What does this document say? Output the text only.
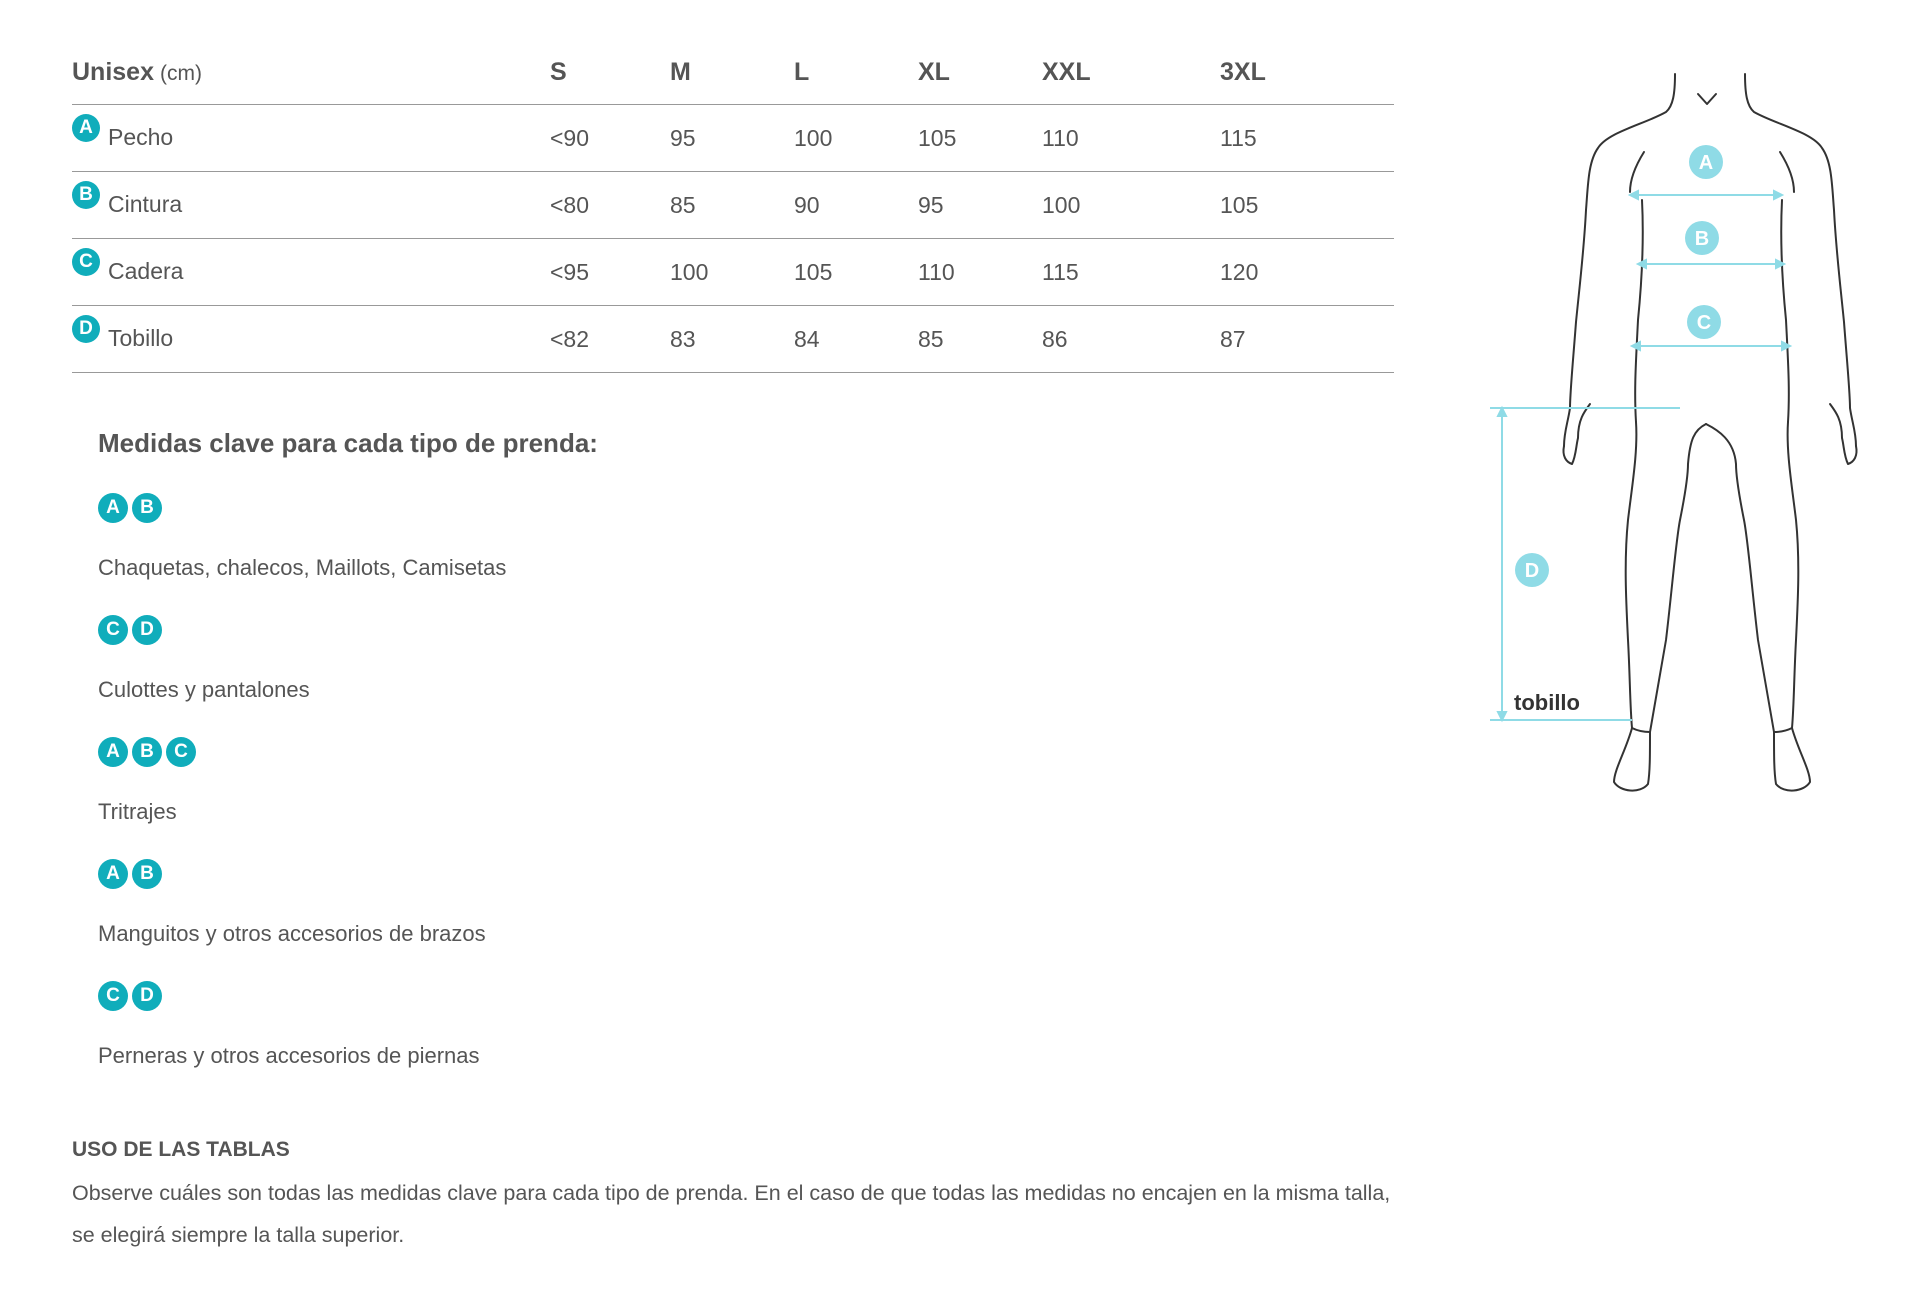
Unisex (cm)	S	M	L	XL	XXL	3XL
A Pecho	<90	95	100	105	110	115
B Cintura	<80	85	90	95	100	105
C Cadera	<95	100	105	110	115	120
D Tobillo	<82	83	84	85	86	87
Medidas clave para cada tipo de prenda:
A	B
Chaquetas, chalecos, Maillots, Camisetas
C	D
Culottes y pantalones
A	B	C
Tritrajes
A	B
Manguitos y otros accesorios de brazos
C	D
Perneras y otros accesorios de piernas
USO DE LAS TABLAS
Observe cuáles son todas las medidas clave para cada tipo de prenda. En el caso de que todas las medidas no encajen en la misma talla, se elegirá siempre la talla superior.
A
B
C
D
tobillo
